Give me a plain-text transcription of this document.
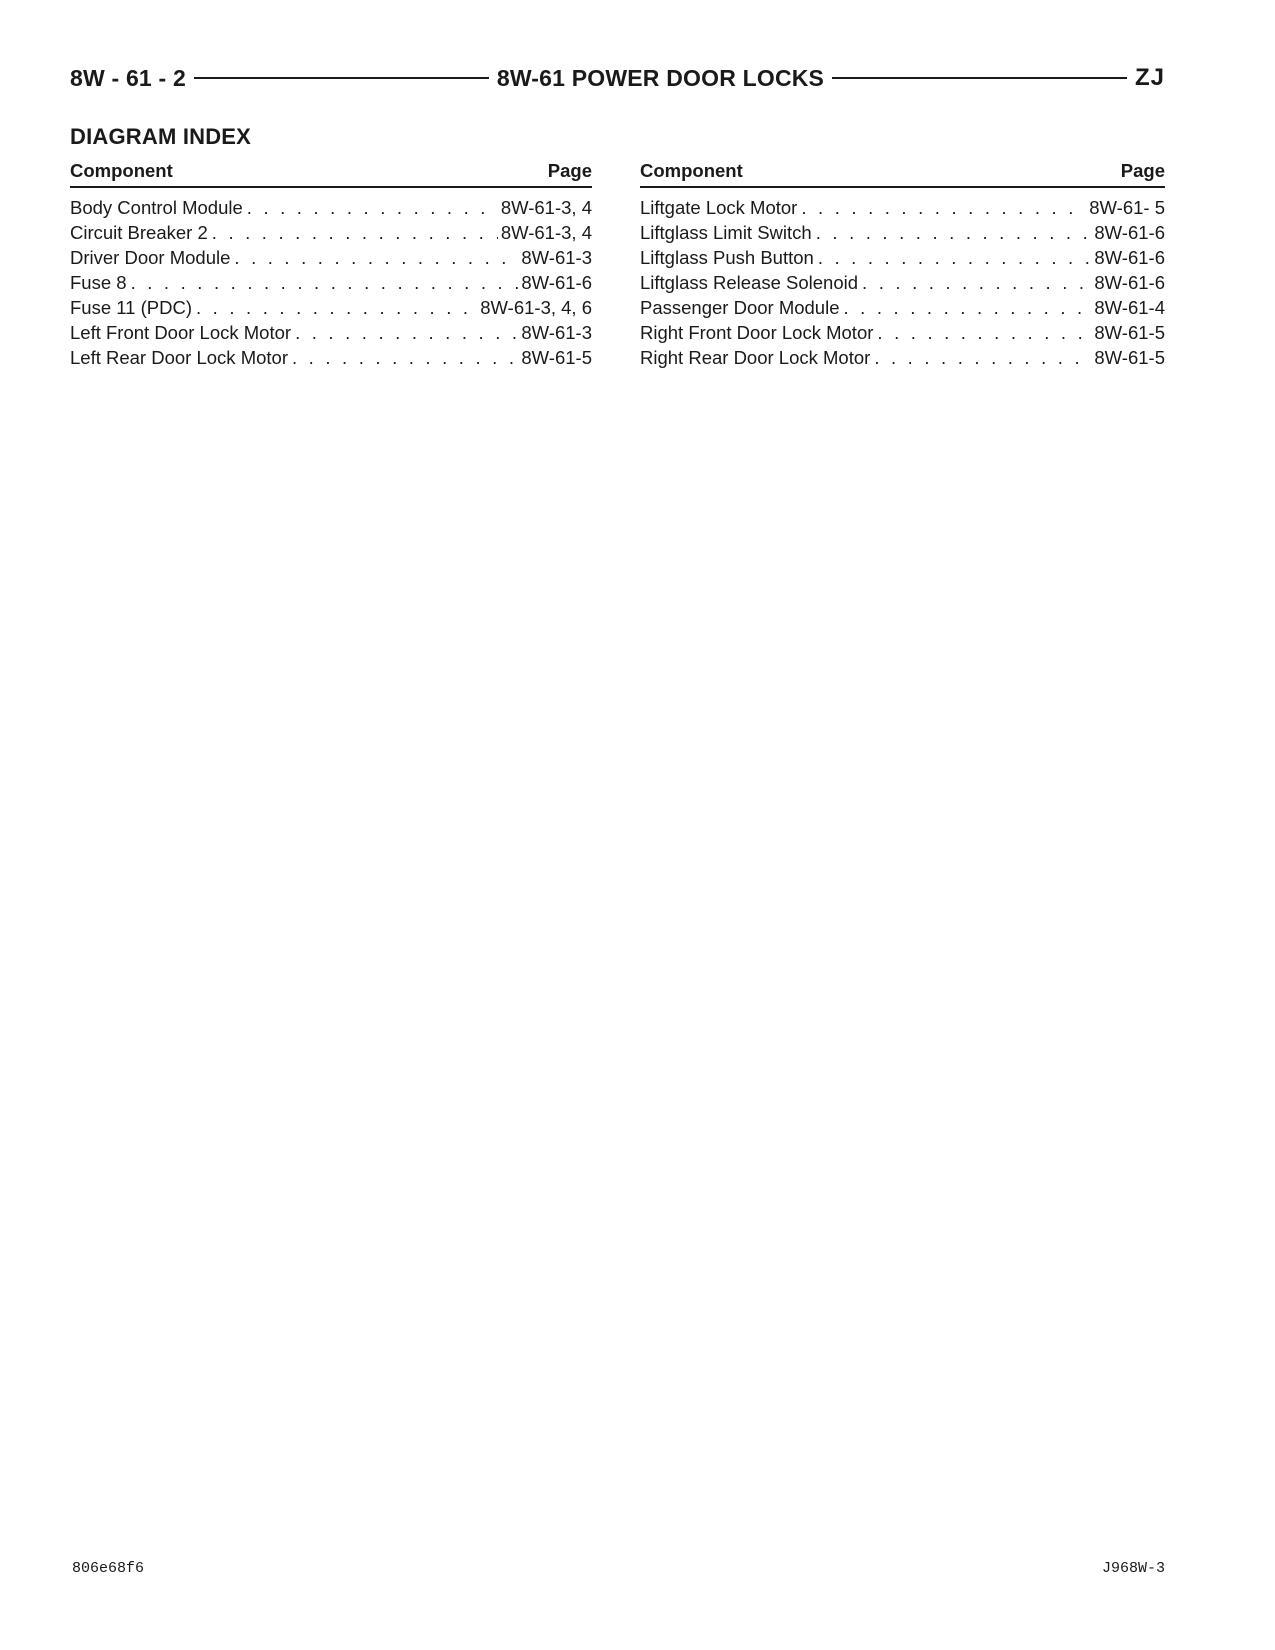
8W - 61 - 2	8W-61 POWER DOOR LOCKS	ZJ
DIAGRAM INDEX
Component	Page
Body Control Module . . .	8W-61-3, 4
Circuit Breaker 2 . . .	8W-61-3, 4
Driver Door Module . . .	8W-61-3
Fuse 8 . . .	8W-61-6
Fuse 11 (PDC) . . .	8W-61-3, 4, 6
Left Front Door Lock Motor . . .	8W-61-3
Left Rear Door Lock Motor . . .	8W-61-5
Component	Page
Liftgate Lock Motor . . .	8W-61- 5
Liftglass Limit Switch . . .	8W-61-6
Liftglass Push Button . . .	8W-61-6
Liftglass Release Solenoid . . .	8W-61-6
Passenger Door Module . . .	8W-61-4
Right Front Door Lock Motor . . .	8W-61-5
Right Rear Door Lock Motor . . .	8W-61-5
806e68f6	J968W-3
